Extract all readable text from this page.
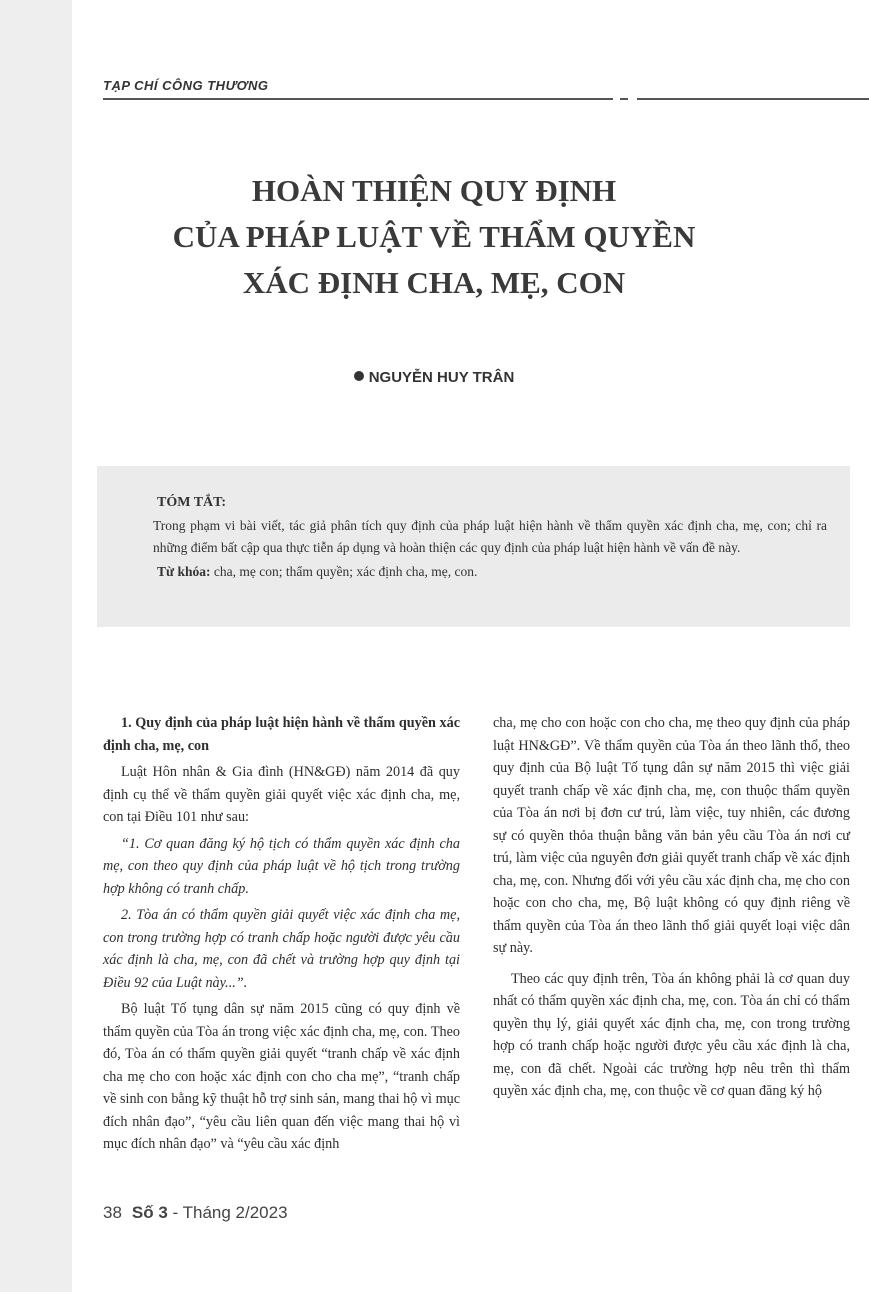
TẠP CHÍ CÔNG THƯƠNG
HOÀN THIỆN QUY ĐỊNH
CỦA PHÁP LUẬT VỀ THẨM QUYỀN
XÁC ĐỊNH CHA, MẸ, CON
NGUYỄN HUY TRÂN
TÓM TẮT:

Trong phạm vi bài viết, tác giả phân tích quy định của pháp luật hiện hành về thẩm quyền xác định cha, mẹ, con; chỉ ra những điểm bất cập qua thực tiễn áp dụng và hoàn thiện các quy định của pháp luật hiện hành về vấn đề này.

Từ khóa: cha, mẹ con; thẩm quyền; xác định cha, mẹ, con.

1. Quy định của pháp luật hiện hành về thẩm quyền xác định cha, mẹ, con

Luật Hôn nhân & Gia đình (HN&GĐ) năm 2014 đã quy định cụ thể về thẩm quyền giải quyết việc xác định cha, mẹ, con tại Điều 101 như sau:

“1. Cơ quan đăng ký hộ tịch có thẩm quyền xác định cha mẹ, con theo quy định của pháp luật về hộ tịch trong trường hợp không có tranh chấp.

2. Tòa án có thẩm quyền giải quyết việc xác định cha mẹ, con trong trường hợp có tranh chấp hoặc người được yêu cầu xác định là cha, mẹ, con đã chết và trường hợp quy định tại Điều 92 của Luật này...”.

Bộ luật Tố tụng dân sự năm 2015 cũng có quy định về thẩm quyền của Tòa án trong việc xác định cha, mẹ, con. Theo đó, Tòa án có thẩm quyền giải quyết “tranh chấp về xác định cha mẹ cho con hoặc xác định con cho cha mẹ”, “tranh chấp về sinh con bằng kỹ thuật hỗ trợ sinh sản, mang thai hộ vì mục đích nhân đạo”, “yêu cầu liên quan đến việc mang thai hộ vì mục đích nhân đạo” và “yêu cầu xác định

cha, mẹ cho con hoặc con cho cha, mẹ theo quy định của pháp luật HN&GĐ”. Về thẩm quyền của Tòa án theo lãnh thổ, theo quy định của Bộ luật Tố tụng dân sự năm 2015 thì việc giải quyết tranh chấp về xác định cha, mẹ, con thuộc thẩm quyền của Tòa án nơi bị đơn cư trú, làm việc, tuy nhiên, các đương sự có quyền thỏa thuận bằng văn bản yêu cầu Tòa án nơi cư trú, làm việc của nguyên đơn giải quyết tranh chấp về xác định cha, mẹ, con. Nhưng đối với yêu cầu xác định cha, mẹ cho con hoặc con cho cha, mẹ, Bộ luật không có quy định riêng về thẩm quyền của Tòa án theo lãnh thổ giải quyết loại việc dân sự này.

Theo các quy định trên, Tòa án không phải là cơ quan duy nhất có thẩm quyền xác định cha, mẹ, con. Tòa án chỉ có thẩm quyền thụ lý, giải quyết xác định cha, mẹ, con trong trường hợp có tranh chấp hoặc người được yêu cầu xác định là cha, mẹ, con đã chết. Ngoài các trường hợp nêu trên thì thẩm quyền xác định cha, mẹ, con thuộc về cơ quan đăng ký hộ

38 Số 3 - Tháng 2/2023
